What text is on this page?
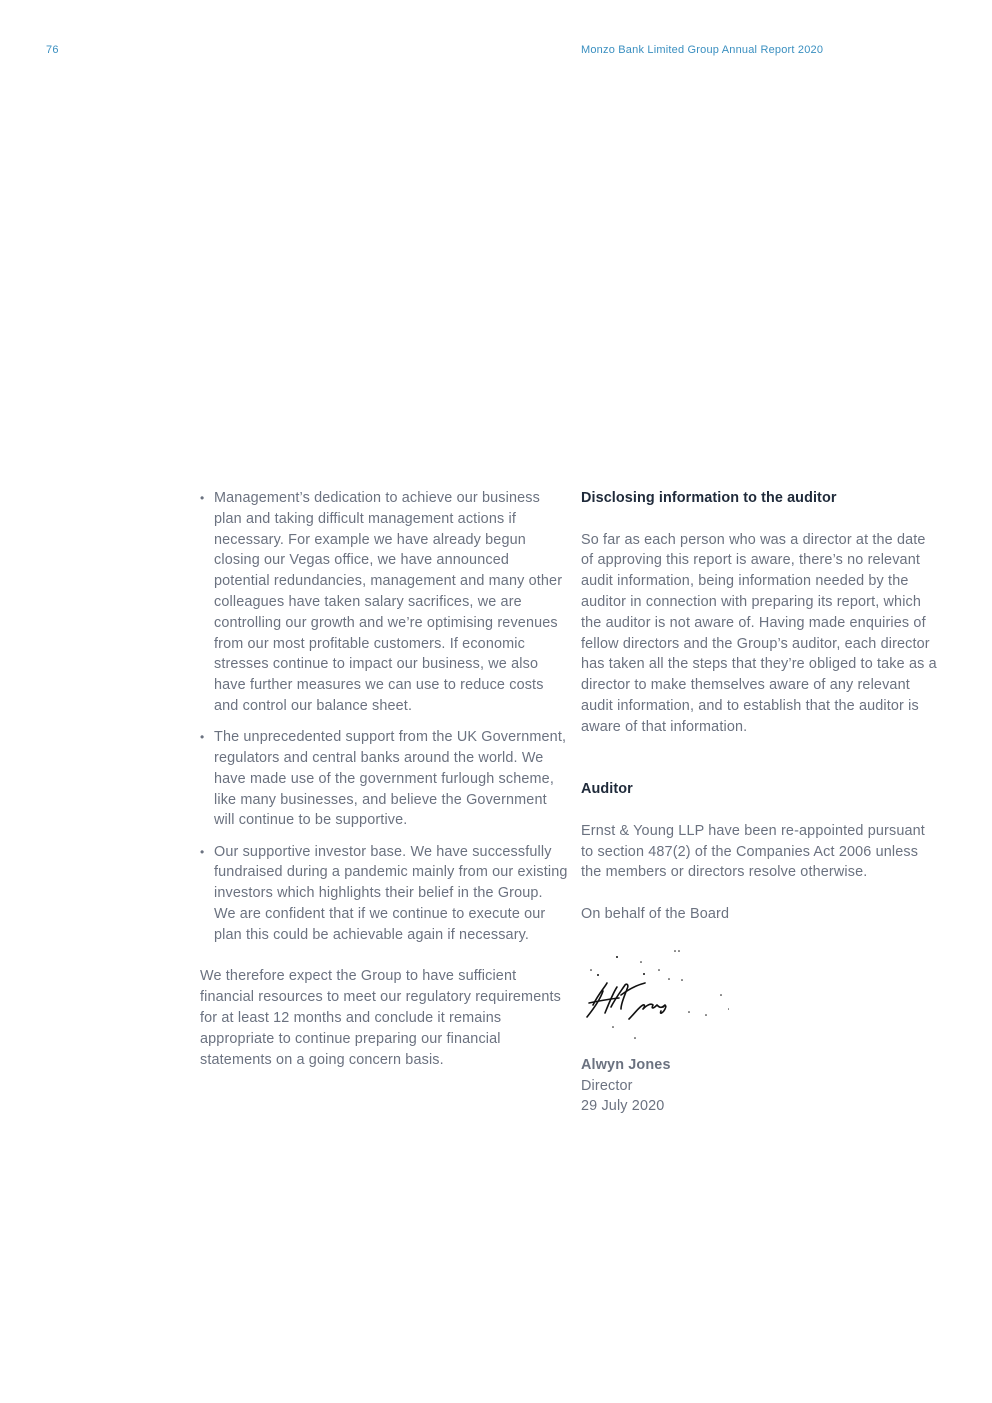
76	Monzo Bank Limited Group Annual Report 2020
• Management’s dedication to achieve our business plan and taking difficult management actions if necessary. For example we have already begun closing our Vegas office, we have announced potential redundancies, management and many other colleagues have taken salary sacrifices, we are controlling our growth and we’re optimising revenues from our most profitable customers. If economic stresses continue to impact our business, we also have further measures we can use to reduce costs and control our balance sheet.
• The unprecedented support from the UK Government, regulators and central banks around the world. We have made use of the government furlough scheme, like many businesses, and believe the Government will continue to be supportive.
• Our supportive investor base. We have successfully fundraised during a pandemic mainly from our existing investors which highlights their belief in the Group. We are confident that if we continue to execute our plan this could be achievable again if necessary.

We therefore expect the Group to have sufficient financial resources to meet our regulatory requirements for at least 12 months and conclude it remains appropriate to continue preparing our financial statements on a going concern basis.

Disclosing information to the auditor

So far as each person who was a director at the date of approving this report is aware, there’s no relevant audit information, being information needed by the auditor in connection with preparing its report, which the auditor is not aware of. Having made enquiries of fellow directors and the Group’s auditor, each director has taken all the steps that they’re obliged to take as a director to make themselves aware of any relevant audit information, and to establish that the auditor is aware of that information.

Auditor

Ernst & Young LLP have been re-appointed pursuant to section 487(2) of the Companies Act 2006 unless the members or directors resolve otherwise.

On behalf of the Board

Alwyn Jones

Director

29 July 2020
